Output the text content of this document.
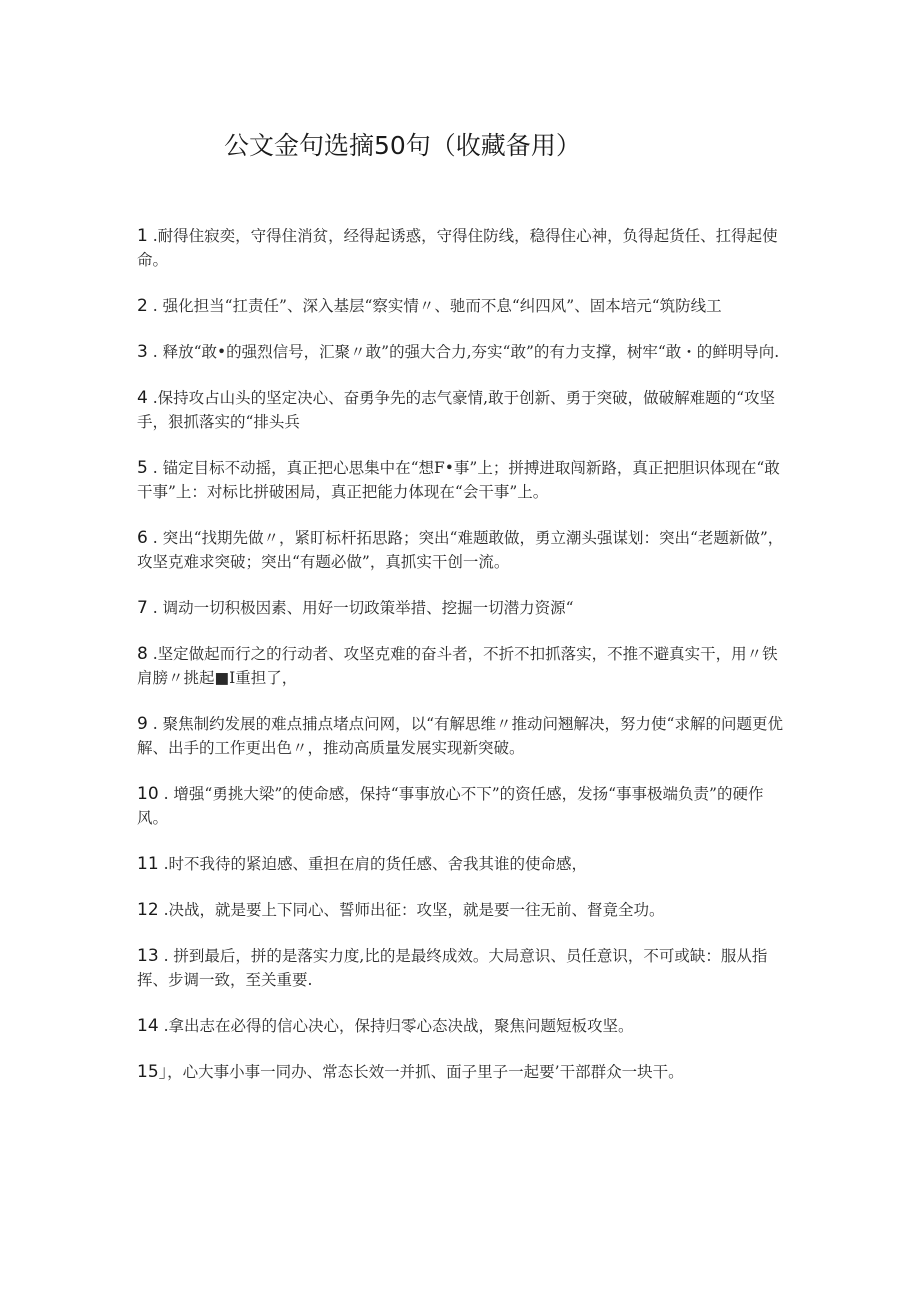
公文金句选摘50句（收藏备用）

1 .耐得住寂奕，守得住消贫，经得起诱惑，守得住防线，稳得住心神，负得起货任、扛得起使命。

2 . 强化担当“扛责任”、深入基层“察实情〃、驰而不息“纠四风”、固本培元“筑防线工

3 . 释放“敢•的强烈信号，汇聚〃敢”的强大合力,夯实“敢”的有力支撑，树牢“敢・的鲜明导向.

4 .保持攻占山头的坚定决心、奋勇争先的志气豪情,敢于创新、勇于突破，做破解难题的“攻坚手，狠抓落实的“排头兵

5 . 锚定目标不动摇，真正把心思集中在“想F•事”上；拼搏进取闯新路，真正把胆识体现在“敢干事”上：对标比拼破困局，真正把能力体现在“会干事”上。

6 . 突出“找期先做〃，紧盯标杆拓思路；突出“难题敢做，勇立潮头强谋划：突出“老题新做”，攻坚克难求突破；突出“有题必做”，真抓实干创一流。

7 . 调动一切积极因素、用好一切政策举措、挖掘一切潜力资源“

8 .坚定做起而行之的行动者、攻坚克难的奋斗者，不折不扣抓落实，不推不避真实干，用〃铁肩膀〃挑起■I重担了，

9 . 聚焦制约发展的难点捕点堵点问网，以“有解思维〃推动问翘解决，努力使“求解的问题更优解、出手的工作更出色〃，推动高质量发展实现新突破。

10 . 增强“勇挑大梁”的使命感，保持“事事放心不下”的资任感，发扬“事事极端负责”的硬作风。

11 .时不我待的紧迫感、重担在肩的货任感、舍我其谁的使命感，

12 .决战，就是要上下同心、誓师出征：攻坚，就是要一往无前、督竟全功。

13 . 拼到最后，拼的是落实力度,比的是最终成效。大局意识、员任意识，不可或缺：服从指挥、步调一致，至关重要.

14 .拿出志在必得的信心决心，保持归零心态决战，聚焦问题短板攻坚。

15」，心大事小事一同办、常态长效一并抓、面子里子一起要’干部群众一块干。
